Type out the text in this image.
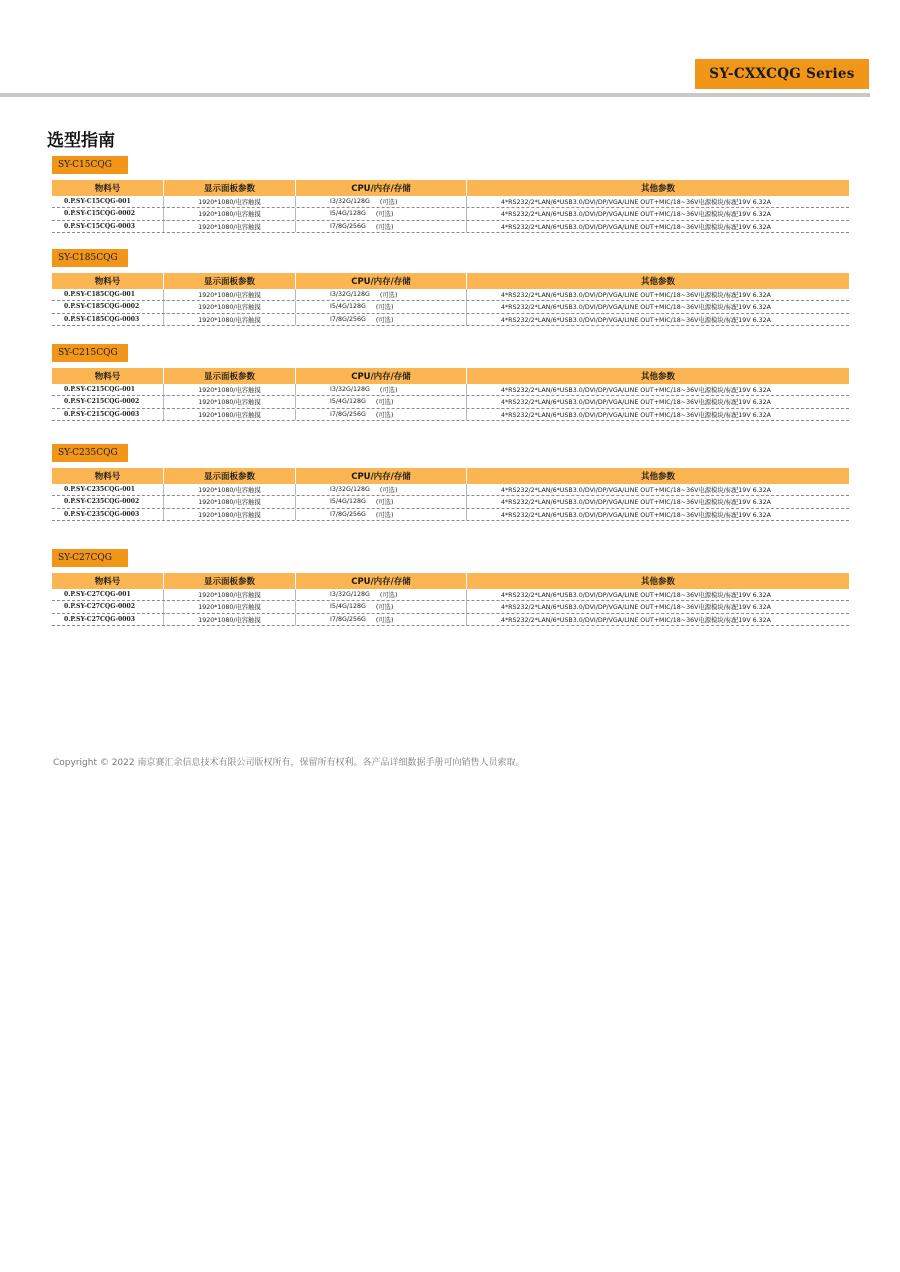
SY-CXXCQG Series
选型指南
SY-C15CQG
物料号	显示面板参数	CPU/内存/存储	其他参数
0.P.SY-C15CQG-001	1920*1080/电容触摸	I3/32G/128G (可选)	4*RS232/2*LAN/6*USB3.0/DVI/DP/VGA/LINE OUT+MIC/18~36V电源模块/标配19V 6.32A
0.P.SY-C15CQG-0002	1920*1080/电容触摸	I5/4G/128G (可选)	4*RS232/2*LAN/6*USB3.0/DVI/DP/VGA/LINE OUT+MIC/18~36V电源模块/标配19V 6.32A
0.P.SY-C15CQG-0003	1920*1080/电容触摸	I7/8G/256G (可选)	4*RS232/2*LAN/6*USB3.0/DVI/DP/VGA/LINE OUT+MIC/18~36V电源模块/标配19V 6.32A
SY-C185CQG
物料号	显示面板参数	CPU/内存/存储	其他参数
0.P.SY-C185CQG-001	1920*1080/电容触摸	I3/32G/128G (可选)	4*RS232/2*LAN/6*USB3.0/DVI/DP/VGA/LINE OUT+MIC/18~36V电源模块/标配19V 6.32A
0.P.SY-C185CQG-0002	1920*1080/电容触摸	I5/4G/128G (可选)	4*RS232/2*LAN/6*USB3.0/DVI/DP/VGA/LINE OUT+MIC/18~36V电源模块/标配19V 6.32A
0.P.SY-C185CQG-0003	1920*1080/电容触摸	I7/8G/256G (可选)	4*RS232/2*LAN/6*USB3.0/DVI/DP/VGA/LINE OUT+MIC/18~36V电源模块/标配19V 6.32A
SY-C215CQG
物料号	显示面板参数	CPU/内存/存储	其他参数
0.P.SY-C215CQG-001	1920*1080/电容触摸	I3/32G/128G (可选)	4*RS232/2*LAN/6*USB3.0/DVI/DP/VGA/LINE OUT+MIC/18~36V电源模块/标配19V 6.32A
0.P.SY-C215CQG-0002	1920*1080/电容触摸	I5/4G/128G (可选)	4*RS232/2*LAN/6*USB3.0/DVI/DP/VGA/LINE OUT+MIC/18~36V电源模块/标配19V 6.32A
0.P.SY-C215CQG-0003	1920*1080/电容触摸	I7/8G/256G (可选)	4*RS232/2*LAN/6*USB3.0/DVI/DP/VGA/LINE OUT+MIC/18~36V电源模块/标配19V 6.32A
SY-C235CQG
物料号	显示面板参数	CPU/内存/存储	其他参数
0.P.SY-C235CQG-001	1920*1080/电容触摸	I3/32G/128G (可选)	4*RS232/2*LAN/6*USB3.0/DVI/DP/VGA/LINE OUT+MIC/18~36V电源模块/标配19V 6.32A
0.P.SY-C235CQG-0002	1920*1080/电容触摸	I5/4G/128G (可选)	4*RS232/2*LAN/6*USB3.0/DVI/DP/VGA/LINE OUT+MIC/18~36V电源模块/标配19V 6.32A
0.P.SY-C235CQG-0003	1920*1080/电容触摸	I7/8G/256G (可选)	4*RS232/2*LAN/6*USB3.0/DVI/DP/VGA/LINE OUT+MIC/18~36V电源模块/标配19V 6.32A
SY-C27CQG
物料号	显示面板参数	CPU/内存/存储	其他参数
0.P.SY-C27CQG-001	1920*1080/电容触摸	I3/32G/128G (可选)	4*RS232/2*LAN/6*USB3.0/DVI/DP/VGA/LINE OUT+MIC/18~36V电源模块/标配19V 6.32A
0.P.SY-C27CQG-0002	1920*1080/电容触摸	I5/4G/128G (可选)	4*RS232/2*LAN/6*USB3.0/DVI/DP/VGA/LINE OUT+MIC/18~36V电源模块/标配19V 6.32A
0.P.SY-C27CQG-0003	1920*1080/电容触摸	I7/8G/256G (可选)	4*RS232/2*LAN/6*USB3.0/DVI/DP/VGA/LINE OUT+MIC/18~36V电源模块/标配19V 6.32A
Copyright © 2022 南京赛汇余信息技术有限公司版权所有，保留所有权利。各产品详细数据手册可向销售人员索取。
